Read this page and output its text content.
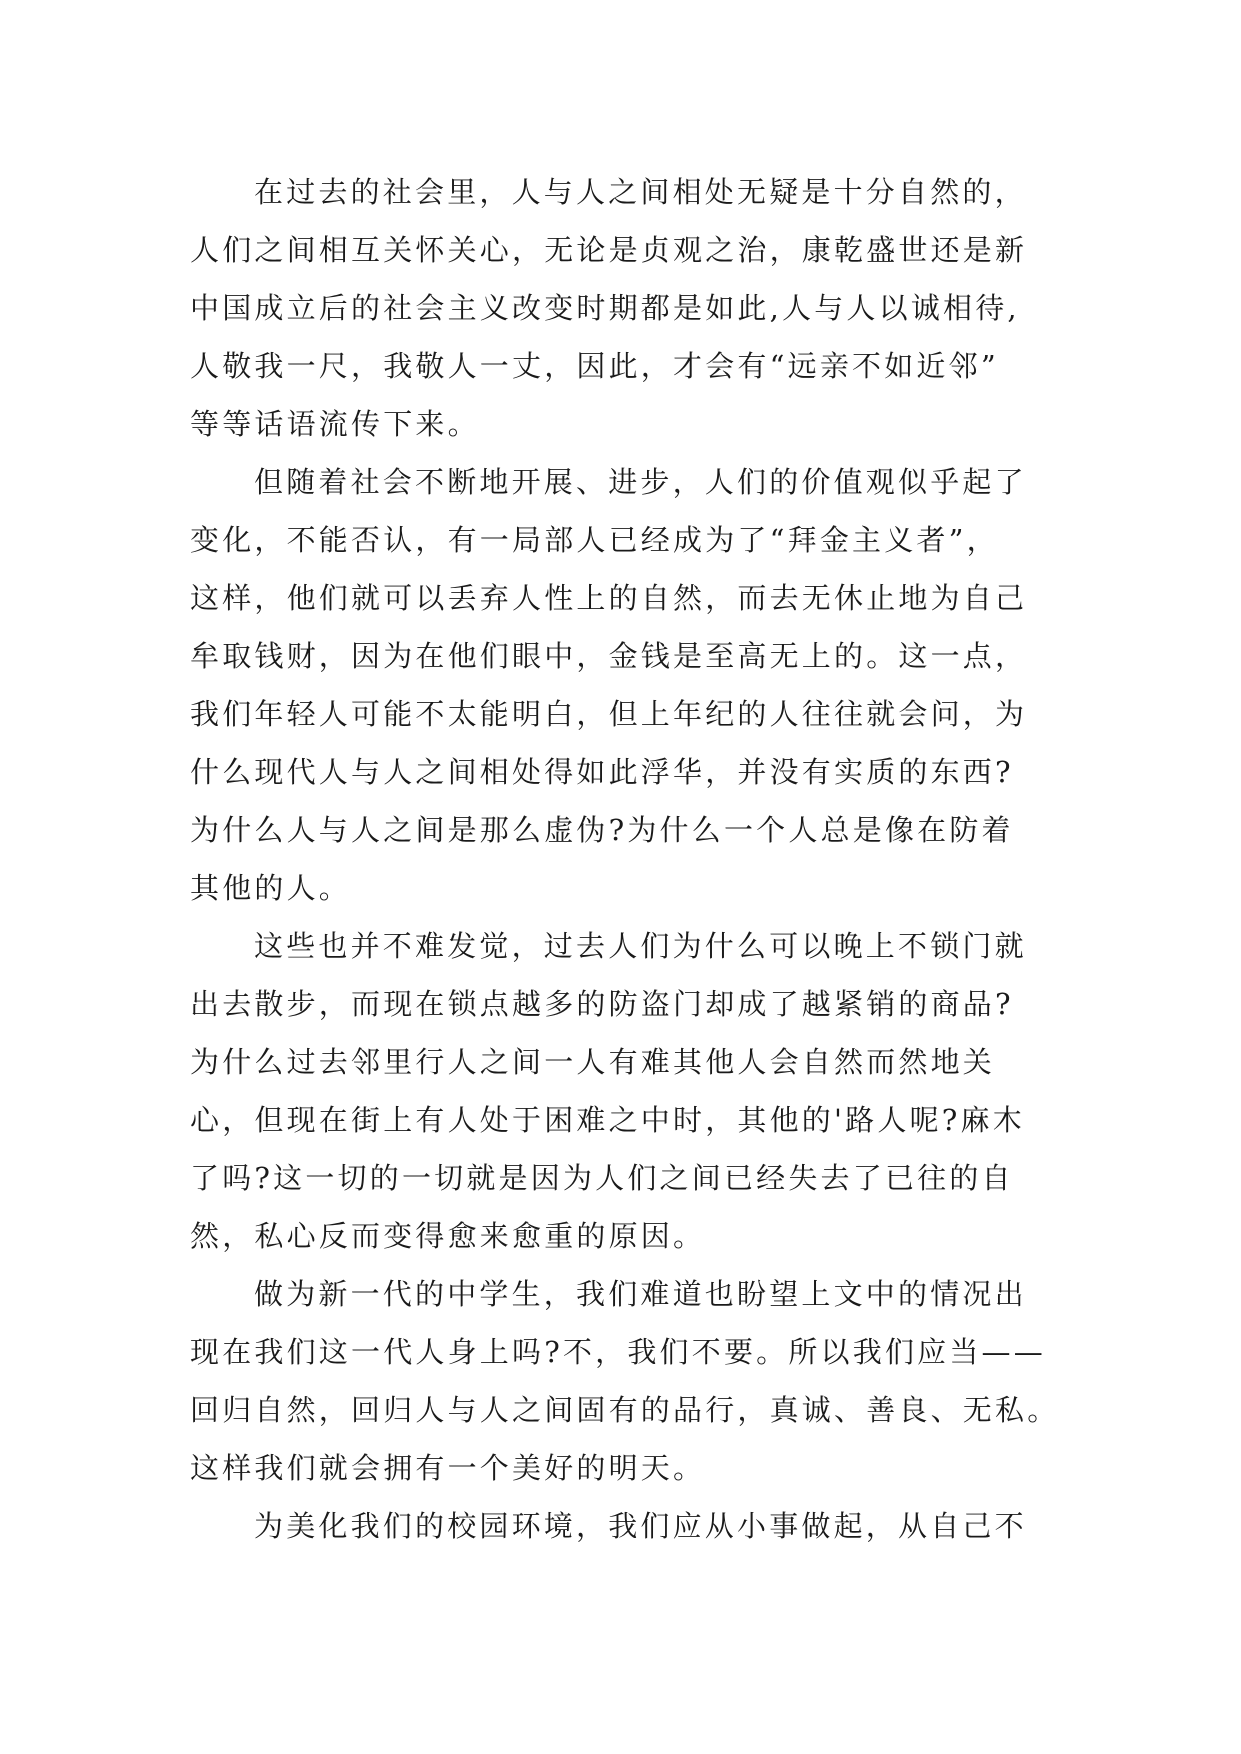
在过去的社会里，人与人之间相处无疑是十分自然的，
人们之间相互关怀关心，无论是贞观之治，康乾盛世还是新
中国成立后的社会主义改变时期都是如此,人与人以诚相待,
人敬我一尺，我敬人一丈，因此，才会有“远亲不如近邻”
等等话语流传下来。
但随着社会不断地开展、进步，人们的价值观似乎起了
变化，不能否认，有一局部人已经成为了“拜金主义者”，
这样，他们就可以丢弃人性上的自然，而去无休止地为自己
牟取钱财，因为在他们眼中，金钱是至高无上的。这一点，
我们年轻人可能不太能明白，但上年纪的人往往就会问，为
什么现代人与人之间相处得如此浮华，并没有实质的东西?
为什么人与人之间是那么虚伪?为什么一个人总是像在防着
其他的人。
这些也并不难发觉，过去人们为什么可以晚上不锁门就
出去散步，而现在锁点越多的防盗门却成了越紧销的商品?
为什么过去邻里行人之间一人有难其他人会自然而然地关
心，但现在街上有人处于困难之中时，其他的'路人呢?麻木
了吗?这一切的一切就是因为人们之间已经失去了已往的自
然，私心反而变得愈来愈重的原因。
做为新一代的中学生，我们难道也盼望上文中的情况出
现在我们这一代人身上吗?不，我们不要。所以我们应当——
回归自然，回归人与人之间固有的品行，真诚、善良、无私。
这样我们就会拥有一个美好的明天。
为美化我们的校园环境，我们应从小事做起，从自己不
